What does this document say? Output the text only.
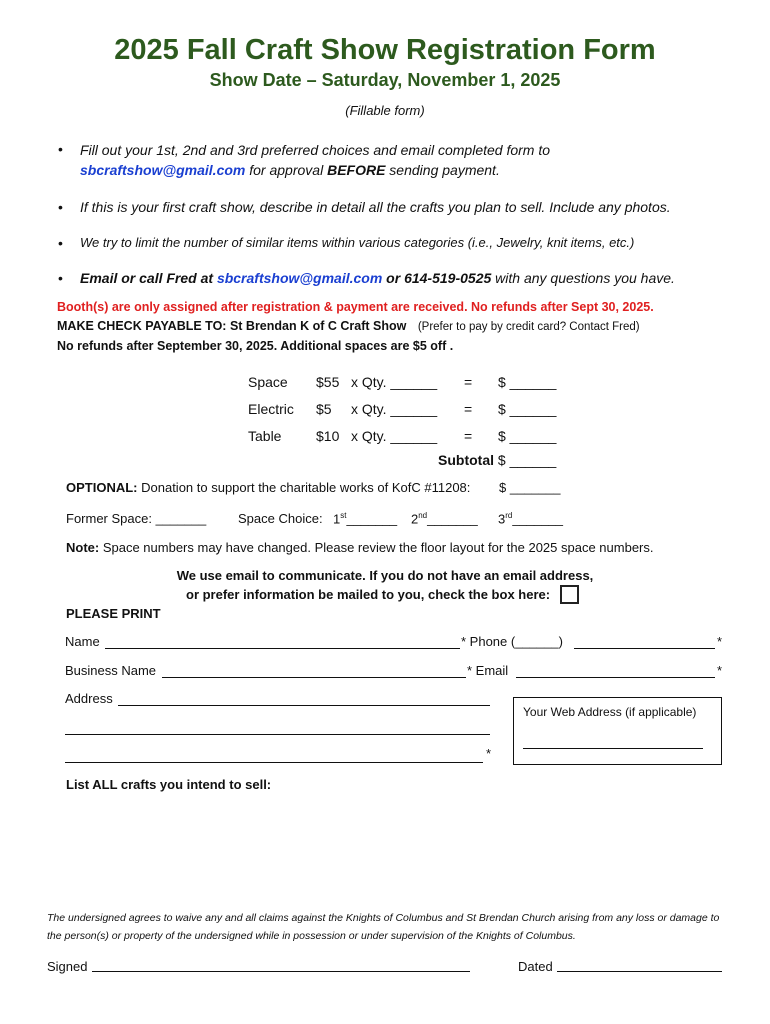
2025 Fall Craft Show Registration Form
Show Date – Saturday, November 1, 2025
(Fillable form)
• Fill out your 1st, 2nd and 3rd preferred choices and email completed form to
sbcraftshow@gmail.com for approval BEFORE sending payment.
• If this is your first craft show, describe in detail all the crafts you plan to sell. Include any photos.
• We try to limit the number of similar items within various categories (i.e., Jewelry, knit items, etc.)
• Email or call Fred at sbcraftshow@gmail.com or 614-519-0525 with any questions you have.
Booth(s) are only assigned after registration & payment are received. No refunds after Sept 30, 2025.
MAKE CHECK PAYABLE TO: St Brendan K of C Craft Show (Prefer to pay by credit card? Contact Fred)
No refunds after September 30, 2025. Additional spaces are $5 off .
Space $55 x Qty. ______ = $ ______
Electric $5 x Qty. ______ = $ ______
Table $10 x Qty. ______ = $ ______
Subtotal $ ______
OPTIONAL: Donation to support the charitable works of KofC #11208: $ _______
Former Space: _______ Space Choice: 1st_______ 2nd_______ 3rd_______
Note: Space numbers may have changed. Please review the floor layout for the 2025 space numbers.
We use email to communicate. If you do not have an email address,
or prefer information be mailed to you, check the box here:
PLEASE PRINT
Name	* Phone (______)	*
Business Name	* Email	*
Address
*
Your Web Address (if applicable)
List ALL crafts you intend to sell:
The undersigned agrees to waive any and all claims against the Knights of Columbus and St Brendan Church arising from any loss or damage to the person(s) or property of the undersigned while in possession or under supervision of the Knights of Columbus.
Signed	Dated
